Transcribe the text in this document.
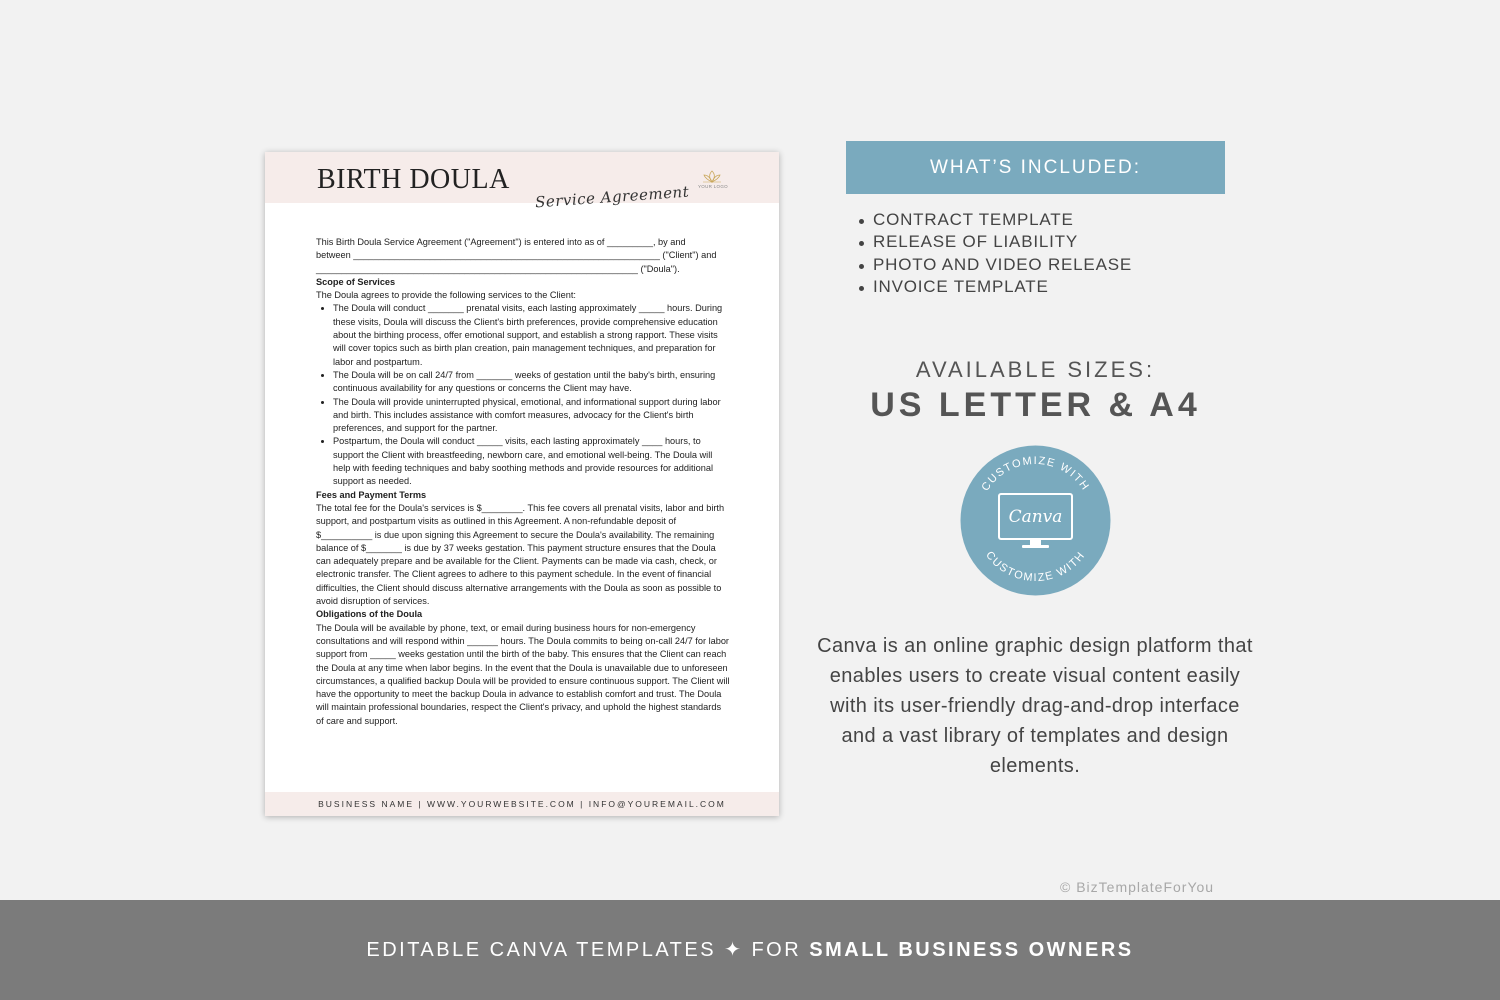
BIRTH DOULA
Service Agreement YOUR LOGO

This Birth Doula Service Agreement ("Agreement") is entered into as of _________, by and

between ____________________________________________________________ ("Client") and

_______________________________________________________________ ("Doula").

Scope of Services

The Doula agrees to provide the following services to the Client:

• The Doula will conduct _______ prenatal visits, each lasting approximately _____ hours. During these visits, Doula will discuss the Client's birth preferences, provide comprehensive education about the birthing process, offer emotional support, and establish a strong rapport. These visits will cover topics such as birth plan creation, pain management techniques, and preparation for labor and postpartum.
• The Doula will be on call 24/7 from _______ weeks of gestation until the baby's birth, ensuring continuous availability for any questions or concerns the Client may have.
• The Doula will provide uninterrupted physical, emotional, and informational support during labor and birth. This includes assistance with comfort measures, advocacy for the Client's birth preferences, and support for the partner.
• Postpartum, the Doula will conduct _____ visits, each lasting approximately ____ hours, to support the Client with breastfeeding, newborn care, and emotional well-being. The Doula will help with feeding techniques and baby soothing methods and provide resources for additional support as needed.

Fees and Payment Terms

The total fee for the Doula's services is $________. This fee covers all prenatal visits, labor and birth support, and postpartum visits as outlined in this Agreement. A non-refundable deposit of $__________ is due upon signing this Agreement to secure the Doula's availability. The remaining balance of $_______ is due by 37 weeks gestation. This payment structure ensures that the Doula can adequately prepare and be available for the Client. Payments can be made via cash, check, or electronic transfer. The Client agrees to adhere to this payment schedule. In the event of financial difficulties, the Client should discuss alternative arrangements with the Doula as soon as possible to avoid disruption of services.

Obligations of the Doula

The Doula will be available by phone, text, or email during business hours for non-emergency consultations and will respond within ______ hours. The Doula commits to being on-call 24/7 for labor support from _____ weeks gestation until the birth of the baby. This ensures that the Client can reach the Doula at any time when labor begins. In the event that the Doula is unavailable due to unforeseen circumstances, a qualified backup Doula will be provided to ensure continuous support. The Client will have the opportunity to meet the backup Doula in advance to establish comfort and trust. The Doula will maintain professional boundaries, respect the Client's privacy, and uphold the highest standards of care and support.

BUSINESS NAME | WWW.YOURWEBSITE.COM | INFO@YOUREMAIL.COM
WHAT’S INCLUDED:
CONTRACT TEMPLATE
RELEASE OF LIABILITY
PHOTO AND VIDEO RELEASE
INVOICE TEMPLATE
AVAILABLE SIZES:
US LETTER & A4
CUSTOMIZE WITH
CUSTOMIZE WITH
Canva
Canva is an online graphic design platform that enables users to create visual content easily with its user-friendly drag-and-drop interface and a vast library of templates and design elements.
© BizTemplateForYou
EDITABLE CANVA TEMPLATES ✦ FOR SMALL BUSINESS OWNERS
